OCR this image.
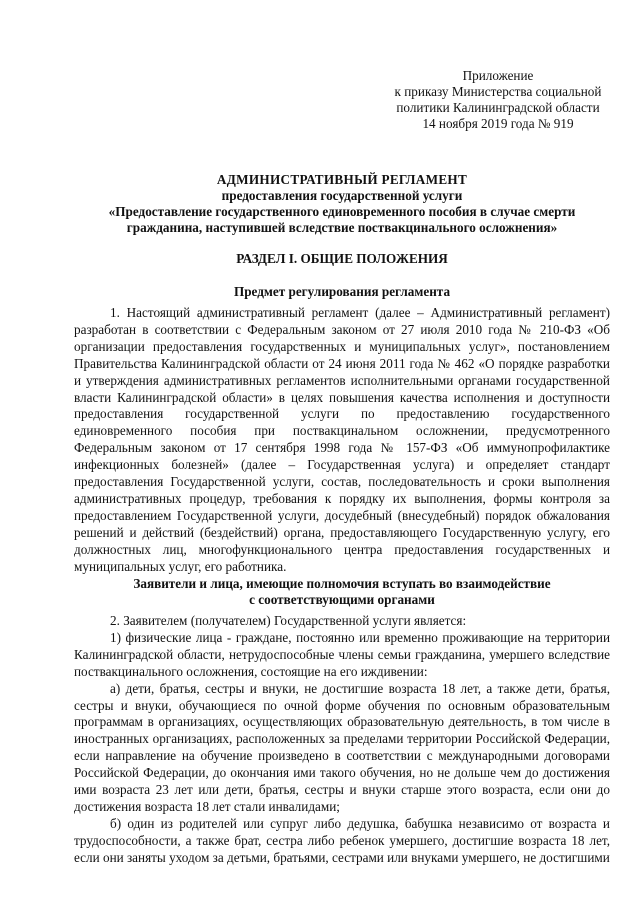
Приложение
к приказу Министерства социальной
политики Калининградской области
14 ноября 2019 года № 919
АДМИНИСТРАТИВНЫЙ РЕГЛАМЕНТ
предоставления государственной услуги
«Предоставление государственного единовременного пособия в случае смерти
гражданина, наступившей вследствие поствакцинального осложнения»
РАЗДЕЛ I. ОБЩИЕ ПОЛОЖЕНИЯ
Предмет регулирования регламента

1. Настоящий административный регламент (далее – Административный регламент) разработан в соответствии с Федеральным законом от 27 июля 2010 года № 210-ФЗ «Об организации предоставления государственных и муниципальных услуг», постановлением Правительства Калининградской области от 24 июня 2011 года № 462 «О порядке разработки и утверждения административных регламентов исполнительными органами государственной власти Калининградской области» в целях повышения качества исполнения и доступности предоставления государственной услуги по предоставлению государственного единовременного пособия при поствакцинальном осложнении, предусмотренного Федеральным законом от 17 сентября 1998 года № 157-ФЗ «Об иммунопрофилактике инфекционных болезней» (далее – Государственная услуга) и определяет стандарт предоставления Государственной услуги, состав, последовательность и сроки выполнения административных процедур, требования к порядку их выполнения, формы контроля за предоставлением Государственной услуги, досудебный (внесудебный) порядок обжалования решений и действий (бездействий) органа, предоставляющего Государственную услугу, его должностных лиц, многофункционального центра предоставления государственных и муниципальных услуг, его работника.

Заявители и лица, имеющие полномочия вступать во взаимодействие
с соответствующими органами

2. Заявителем (получателем) Государственной услуги является:

1) физические лица - граждане, постоянно или временно проживающие на территории Калининградской области, нетрудоспособные члены семьи гражданина, умершего вследствие поствакцинального осложнения, состоящие на его иждивении:

а) дети, братья, сестры и внуки, не достигшие возраста 18 лет, а также дети, братья, сестры и внуки, обучающиеся по очной форме обучения по основным образовательным программам в организациях, осуществляющих образовательную деятельность, в том числе в иностранных организациях, расположенных за пределами территории Российской Федерации, если направление на обучение произведено в соответствии с международными договорами Российской Федерации, до окончания ими такого обучения, но не дольше чем до достижения ими возраста 23 лет или дети, братья, сестры и внуки старше этого возраста, если они до достижения возраста 18 лет стали инвалидами;

б) один из родителей или супруг либо дедушка, бабушка независимо от возраста и трудоспособности, а также брат, сестра либо ребенок умершего, достигшие возраста 18 лет, если они заняты уходом за детьми, братьями, сестрами или внуками умершего, не достигшими
